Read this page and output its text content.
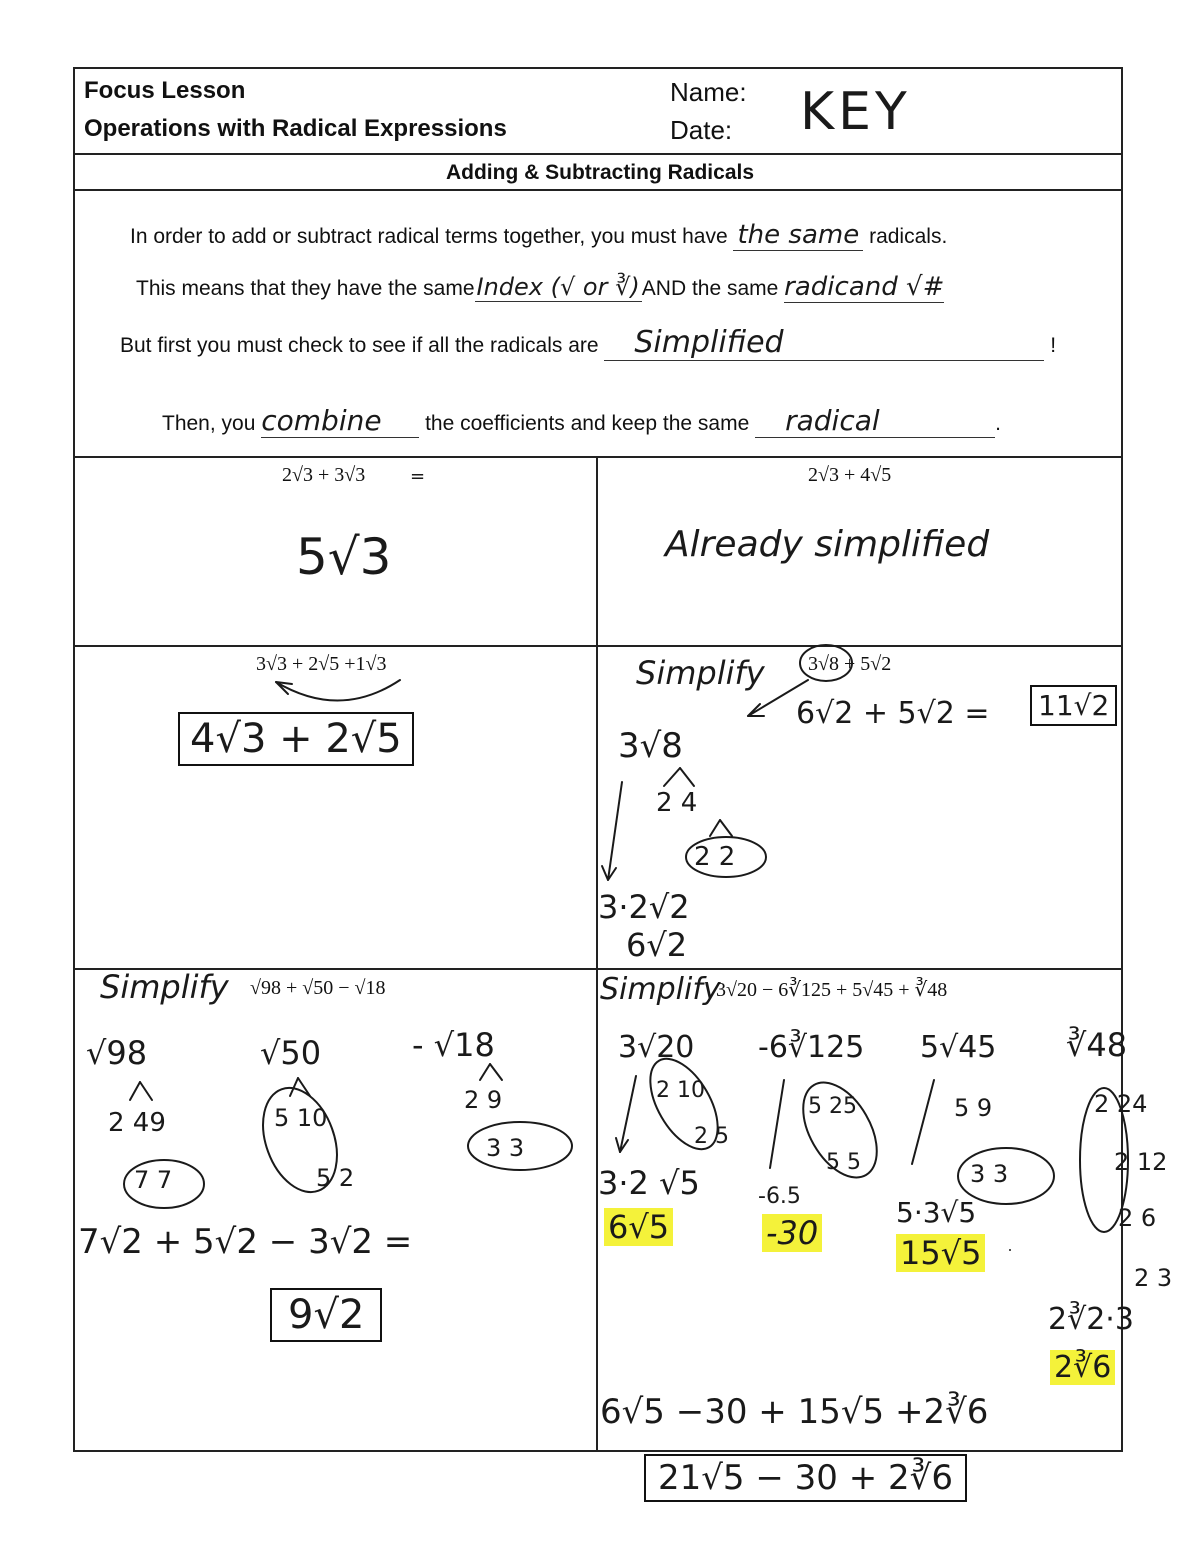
Focus Lesson
Operations with Radical Expressions
Name:
Date: KEY
Adding & Subtracting Radicals
In order to add or subtract radical terms together, you must have the same radicals.
This means that they have the sameIndex (√ or ∛)AND the same radicand √#
But first you must check to see if all the radicals are Simplified	!
Then, you combine the coefficients and keep the same radical	.
2√3 + 3√3 =
5√3
2√3 + 4√5
Already simplified
3√3 + 2√5 +1√3
4√3 + 2√5
Simplify 3√8 + 5√2
6√2 + 5√2 = 11√2
3√8
2 4
2 2
3·2√2
6√2
Simplify √98 + √50 − √18
√98
2 49
7 7
√50
5 10
5 2
- √18
2 9
3 3
7√2 + 5√2 − 3√2 =
9√2
Simplify
3√20 − 6∛125 + 5√45 + ∛48
3√20
2 10
2 5
3·2 √5
6√5
-6∛125
5 25
5 5
-6.5
-30
5√45
5 9
3 3
5·3√5
15√5
∛48
2 24
2 12
2 6
2 3
2∛2·3
2∛6
6√5 −30 + 15√5 +2∛6
21√5 − 30 + 2∛6
